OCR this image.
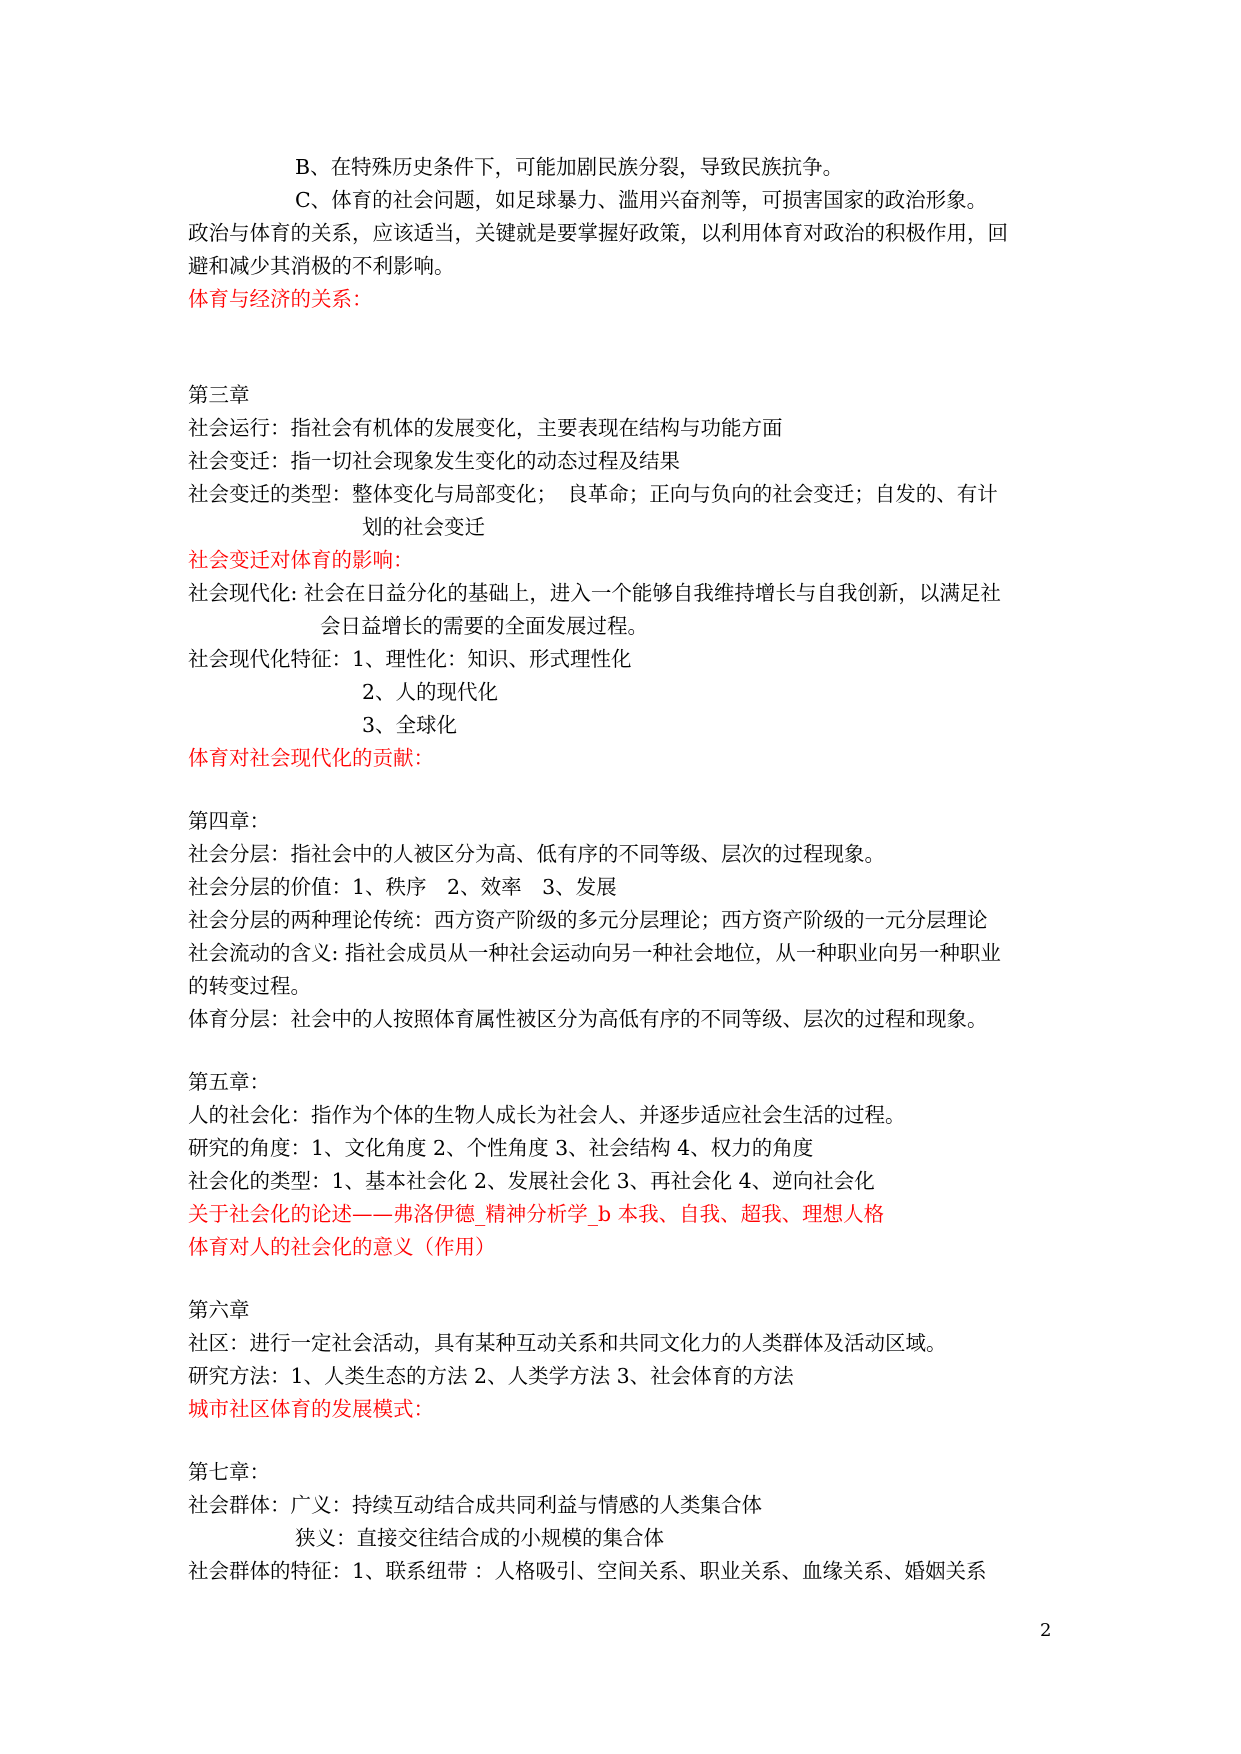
B、在特殊历史条件下，可能加剧民族分裂，导致民族抗争。
C、体育的社会问题，如足球暴力、滥用兴奋剂等，可损害国家的政治形象。
政治与体育的关系，应该适当，关键就是要掌握好政策，以利用体育对政治的积极作用，回
避和减少其消极的不利影响。
体育与经济的关系：
第三章
社会运行：指社会有机体的发展变化，主要表现在结构与功能方面
社会变迁：指一切社会现象发生变化的动态过程及结果
社会变迁的类型：整体变化与局部变化；　良革命；正向与负向的社会变迁；自发的、有计
划的社会变迁
社会变迁对体育的影响：
社会现代化: 社会在日益分化的基础上，进入一个能够自我维持增长与自我创新，以满足社
会日益增长的需要的全面发展过程。
社会现代化特征：1、理性化：知识、形式理性化
2、人的现代化
3、全球化
体育对社会现代化的贡献：
第四章：
社会分层：指社会中的人被区分为高、低有序的不同等级、层次的过程现象。
社会分层的价值：1、秩序　2、效率　3、发展
社会分层的两种理论传统：西方资产阶级的多元分层理论；西方资产阶级的一元分层理论
社会流动的含义: 指社会成员从一种社会运动向另一种社会地位，从一种职业向另一种职业
的转变过程。
体育分层：社会中的人按照体育属性被区分为高低有序的不同等级、层次的过程和现象。
第五章：
人的社会化：指作为个体的生物人成长为社会人、并逐步适应社会生活的过程。
研究的角度：1、文化角度 2、个性角度 3、社会结构 4、权力的角度
社会化的类型：1、基本社会化 2、发展社会化 3、再社会化 4、逆向社会化
关于社会化的论述——弗洛伊德_精神分析学_b 本我、自我、超我、理想人格
体育对人的社会化的意义（作用）
第六章
社区：进行一定社会活动，具有某种互动关系和共同文化力的人类群体及活动区域。
研究方法：1、人类生态的方法 2、人类学方法 3、社会体育的方法
城市社区体育的发展模式：
第七章：
社会群体：广义：持续互动结合成共同利益与情感的人类集合体
狭义：直接交往结合成的小规模的集合体
社会群体的特征：1、联系纽带 ：人格吸引、空间关系、职业关系、血缘关系、婚姻关系
2
